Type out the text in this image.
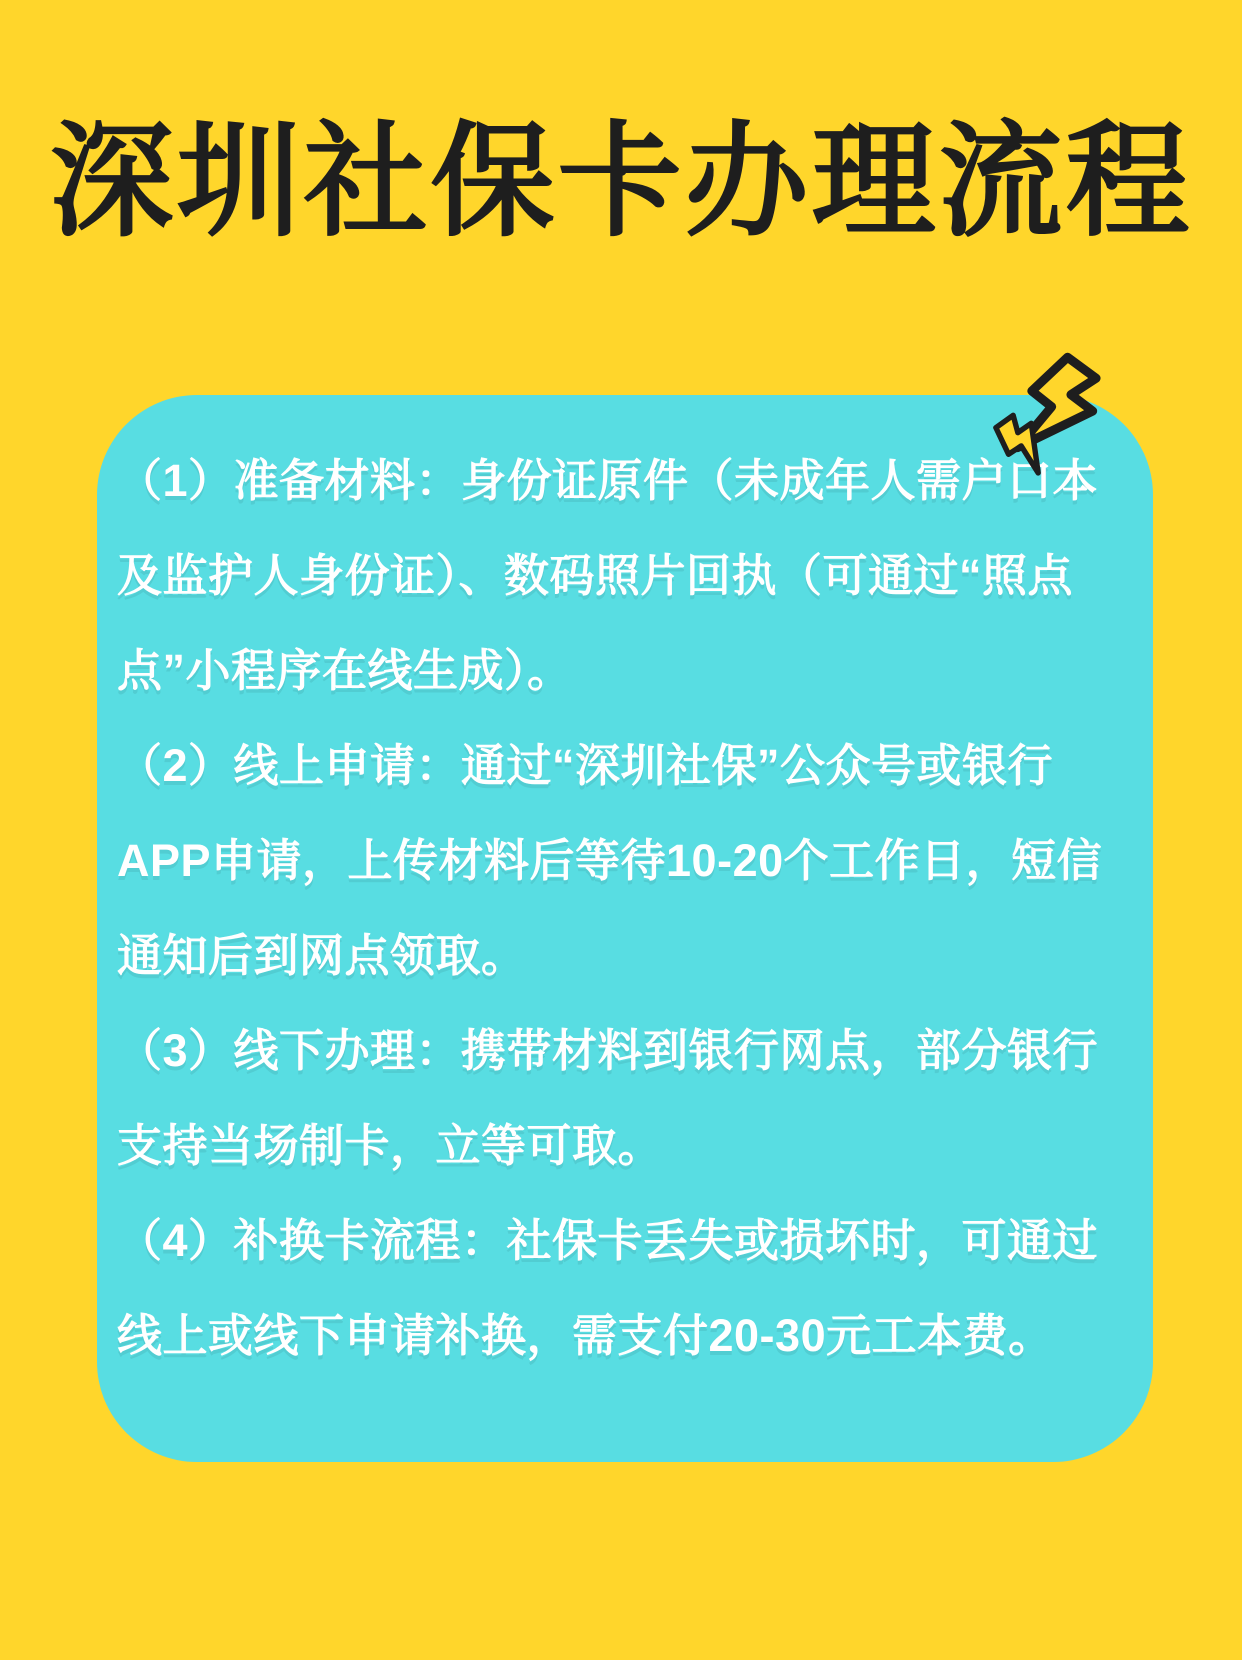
深圳社保卡办理流程

（1）准备材料：身份证原件（未成年人需户口本及监护人身份证）、数码照片回执（可通过“照点点”小程序在线生成）。

（2）线上申请：通过“深圳社保”公众号或银行APP申请，上传材料后等待10-20个工作日，短信通知后到网点领取。

（3）线下办理：携带材料到银行网点，部分银行支持当场制卡，立等可取。

（4）补换卡流程：社保卡丢失或损坏时，可通过线上或线下申请补换，需支付20-30元工本费。
